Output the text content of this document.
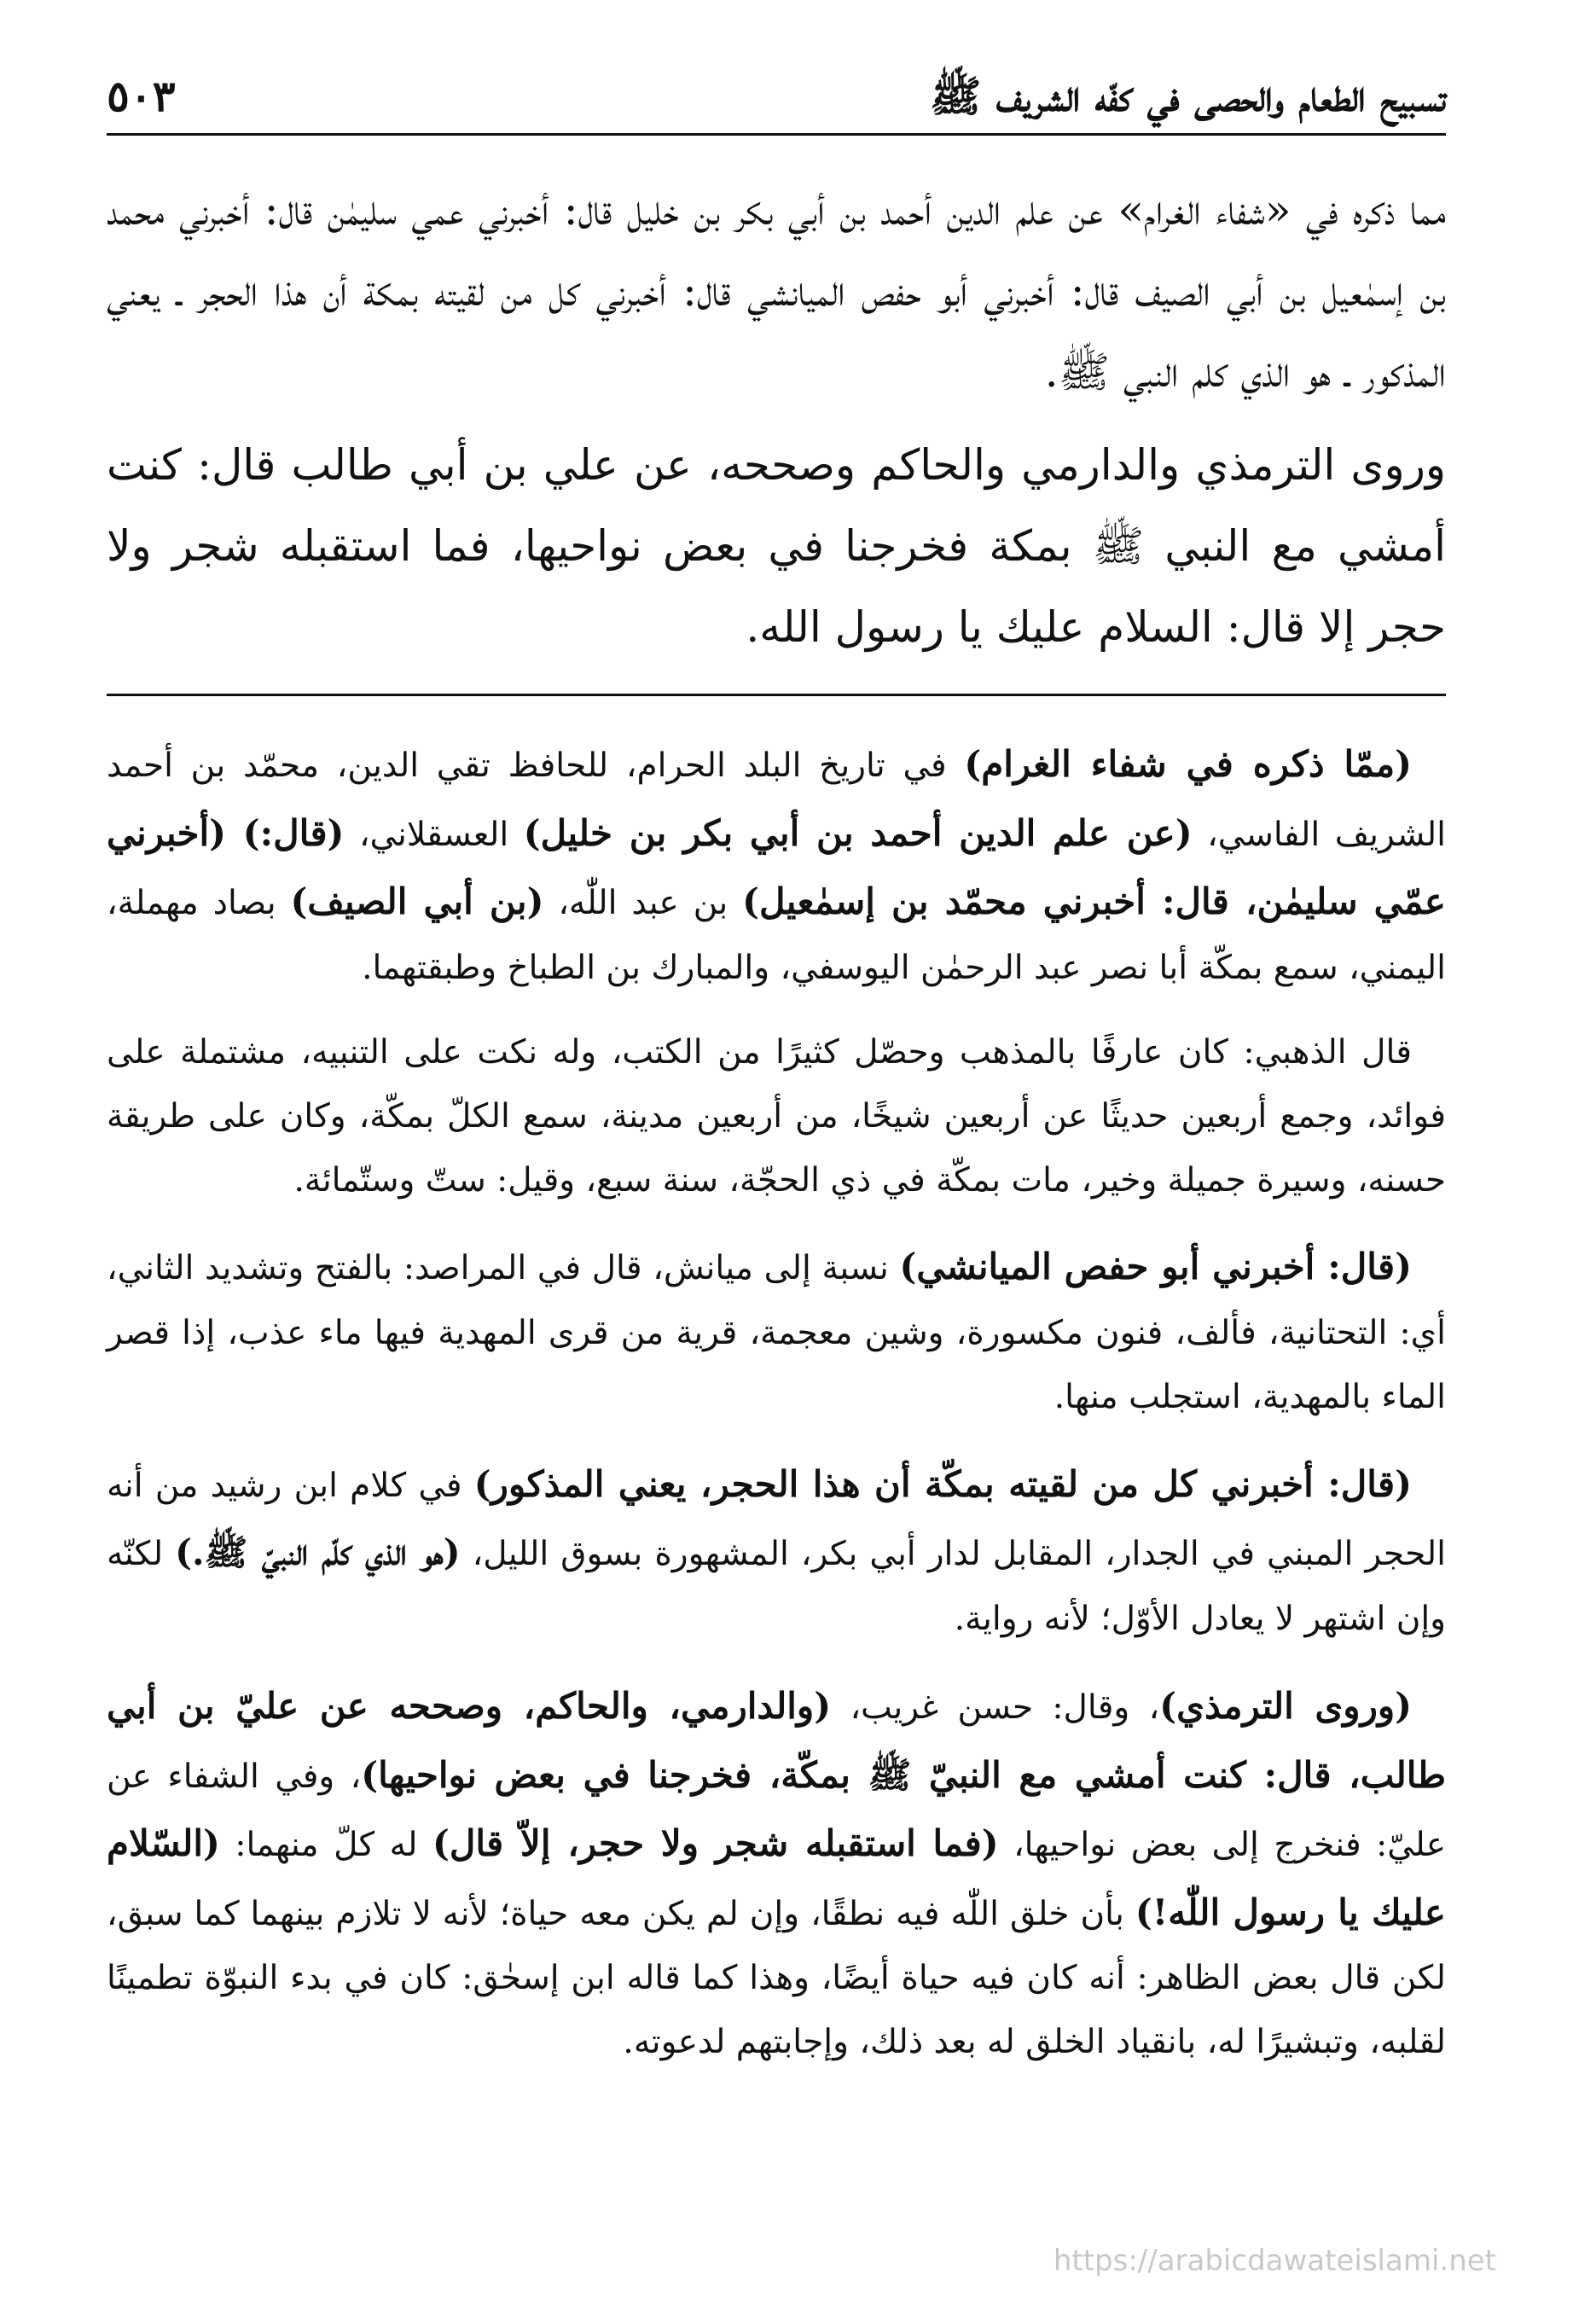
تسبيح الطعام والحصى في كفّه الشريف ﷺ
٥٠٣

مما ذكره في «شفاء الغرام» عن علم الدين أحمد بن أبي بكر بن خليل قال: أخبرني عمي سليمٰن قال: أخبرني محمد بن إسمٰعيل بن أبي الصيف قال: أخبرني أبو حفص الميانشي قال: أخبرني كل من لقيته بمكة أن هذا الحجر ـ يعني المذكور ـ هو الذي كلم النبي ﷺ.

وروى الترمذي والدارمي والحاكم وصححه، عن علي بن أبي طالب قال: كنت أمشي مع النبي ﷺ بمكة فخرجنا في بعض نواحيها، فما استقبله شجر ولا حجر إلا قال: السلام عليك يا رسول الله.

(ممّا ذكره في شفاء الغرام) في تاريخ البلد الحرام، للحافظ تقي الدين، محمّد بن أحمد الشريف الفاسي، (عن علم الدين أحمد بن أبي بكر بن خليل) العسقلاني، (قال:) (أخبرني عمّي سليمٰن، قال: أخبرني محمّد بن إسمٰعيل) بن عبد اللّٰه، (بن أبي الصيف) بصاد مهملة، اليمني، سمع بمكّة أبا نصر عبد الرحمٰن اليوسفي، والمبارك بن الطباخ وطبقتهما.

قال الذهبي: كان عارفًا بالمذهب وحصّل كثيرًا من الكتب، وله نكت على التنبيه، مشتملة على فوائد، وجمع أربعين حديثًا عن أربعين شيخًا، من أربعين مدينة، سمع الكلّ بمكّة، وكان على طريقة حسنه، وسيرة جميلة وخير، مات بمكّة في ذي الحجّة، سنة سبع، وقيل: ستّ وستّمائة.

(قال: أخبرني أبو حفص الميانشي) نسبة إلى ميانش، قال في المراصد: بالفتح وتشديد الثاني، أي: التحتانية، فألف، فنون مكسورة، وشين معجمة، قرية من قرى المهدية فيها ماء عذب، إذا قصر الماء بالمهدية، استجلب منها.

(قال: أخبرني كل من لقيته بمكّة أن هذا الحجر، يعني المذكور) في كلام ابن رشيد من أنه الحجر المبني في الجدار، المقابل لدار أبي بكر، المشهورة بسوق الليل، (هو الذي كلّم النبيّ ﷺ.) لكنّه وإن اشتهر لا يعادل الأوّل؛ لأنه رواية.

(وروى الترمذي)، وقال: حسن غريب، (والدارمي، والحاكم، وصححه عن عليّ بن أبي طالب، قال: كنت أمشي مع النبيّ ﷺ بمكّة، فخرجنا في بعض نواحيها)، وفي الشفاء عن عليّ: فنخرج إلى بعض نواحيها، (فما استقبله شجر ولا حجر، إلاّ قال) له كلّ منهما: (السّلام عليك يا رسول اللّٰه!) بأن خلق اللّٰه فيه نطقًا، وإن لم يكن معه حياة؛ لأنه لا تلازم بينهما كما سبق، لكن قال بعض الظاهر: أنه كان فيه حياة أيضًا، وهذا كما قاله ابن إسحٰق: كان في بدء النبوّة تطمينًا لقلبه، وتبشيرًا له، بانقياد الخلق له بعد ذلك، وإجابتهم لدعوته.

https://arabicdawateislami.net
